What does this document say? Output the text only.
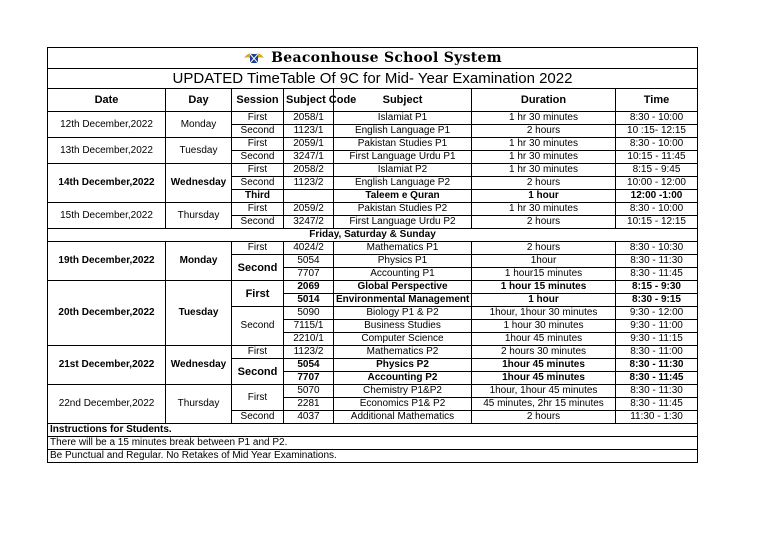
Beaconhouse School System						
UPDATED TimeTable Of 9C for Mid- Year Examination 2022						
Date	Day	Session	Subject Code	Subject	Duration	Time
12th December,2022	Monday	First	2058/1	Islamiat P1	1 hr 30 minutes	8:30 - 10:00
		Second	1123/1	English Language P1	2 hours	10 :15- 12:15
13th December,2022	Tuesday	First	2059/1	Pakistan Studies P1	1 hr 30 minutes	8:30 - 10:00
		Second	3247/1	First Language Urdu P1	1 hr 30 minutes	10:15 - 11:45
14th December,2022	Wednesday	First	2058/2	Islamiat P2	1 hr 30 minutes	8:15 - 9:45
		Second	1123/2	English Language P2	2 hours	10:00 - 12:00
		Third		Taleem e Quran	1 hour	12:00 -1:00
15th December,2022	Thursday	First	2059/2	Pakistan Studies P2	1 hr 30 minutes	8:30 - 10:00
		Second	3247/2	First Language Urdu P2	2 hours	10:15 - 12:15
Friday, Saturday & Sunday						
19th December,2022	Monday	First	4024/2	Mathematics P1	2 hours	8:30 - 10:30
		Second	5054	Physics P1	1hour	8:30 - 11:30
			7707	Accounting P1	1 hour15 minutes	8:30 - 11:45
20th December,2022	Tuesday	First	2069	Global Perspective	1 hour 15 minutes	8:15 - 9:30
			5014	Environmental Management	1 hour	8:30 - 9:15
		Second	5090	Biology P1 & P2	1hour, 1hour 30 minutes	9:30 - 12:00
			7115/1	Business Studies	1 hour 30 minutes	9:30 - 11:00
			2210/1	Computer Science	1hour 45 minutes	9:30 - 11:15
21st December,2022	Wednesday	First	1123/2	Mathematics P2	2 hours 30 minutes	8:30 - 11:00
		Second	5054	Physics P2	1hour 45 minutes	8:30 - 11:30
			7707	Accounting P2	1hour 45 minutes	8:30 - 11:45
22nd December,2022	Thursday	First	5070	Chemistry P1&P2	1hour, 1hour 45 minutes	8:30 - 11:30
			2281	Economics P1& P2	45 minutes, 2hr 15 minutes	8:30 - 11:45
		Second	4037	Additional Mathematics	2 hours	11:30 - 1:30
Instructions for Students.						
There will be a 15 minutes break between P1 and P2.						
Be Punctual and Regular. No Retakes of Mid Year Examinations.						
